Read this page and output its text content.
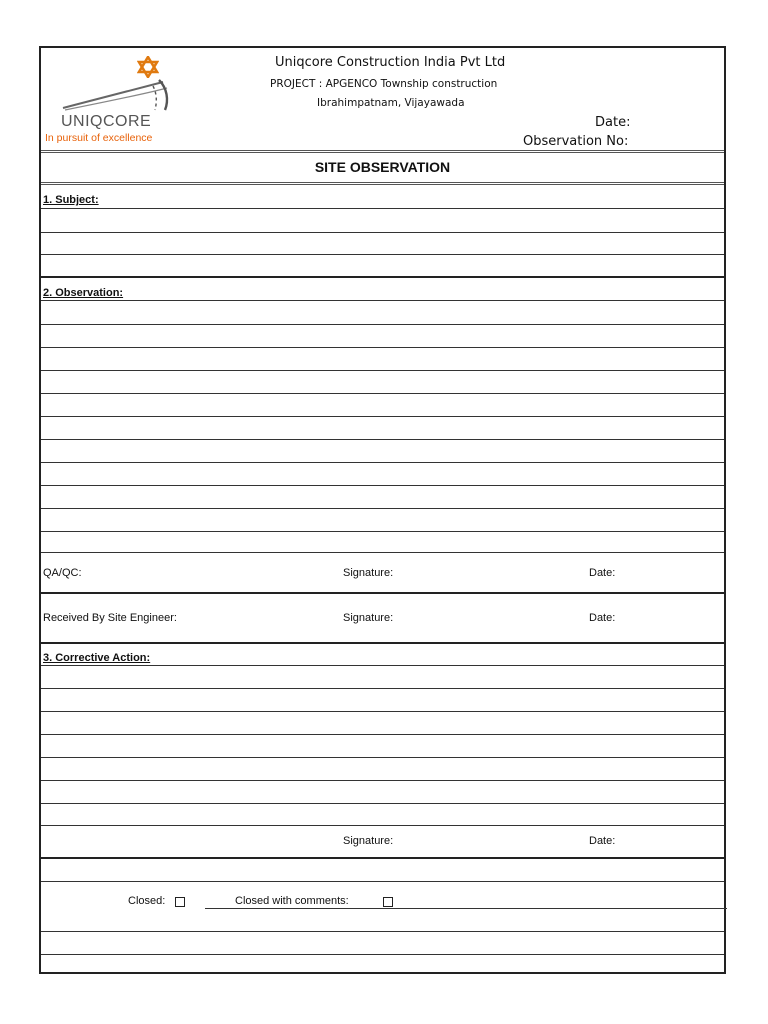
UNIQCORE
In pursuit of excellence
Uniqcore Construction India Pvt Ltd
PROJECT : APGENCO Township construction
Ibrahimpatnam, Vijayawada
Date:
Observation No:
SITE OBSERVATION
1. Subject:
2. Observation:
QA/QC:	Signature:	Date:
Received By Site Engineer:	Signature:	Date:
3. Corrective Action:
Signature:	Date:
Closed:	Closed with comments:
